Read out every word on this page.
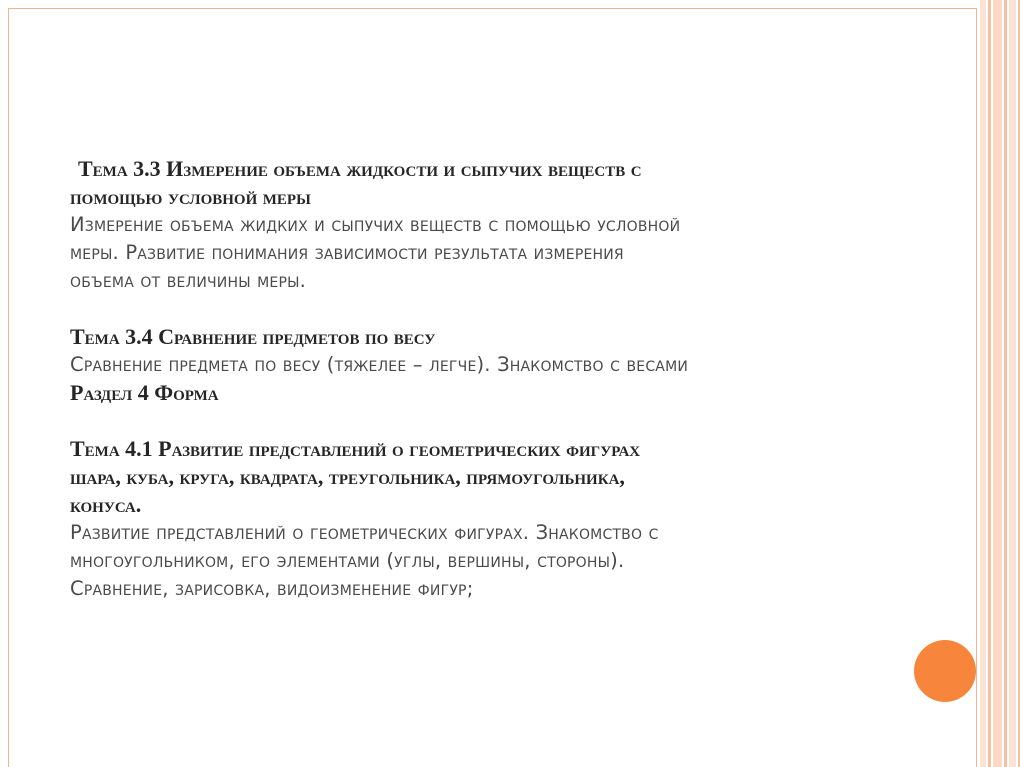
Тема 3.3 Измерение объема жидкости и сыпучих веществ с
помощью условной меры
Измерение объема жидких и сыпучих веществ с помощью условной
меры. Развитие понимания зависимости результата измерения
объема от величины меры.
Тема 3.4 Сравнение предметов по весу
Сравнение предмета по весу (тяжелее – легче). Знакомство с весами
Раздел 4 Форма
Тема 4.1 Развитие представлений о геометрических фигурах
шара, куба, круга, квадрата, треугольника, прямоугольника,
конуса.
Развитие представлений о геометрических фигурах. Знакомство с
многоугольником, его элементами (углы, вершины, стороны).
Сравнение, зарисовка, видоизменение фигур;
